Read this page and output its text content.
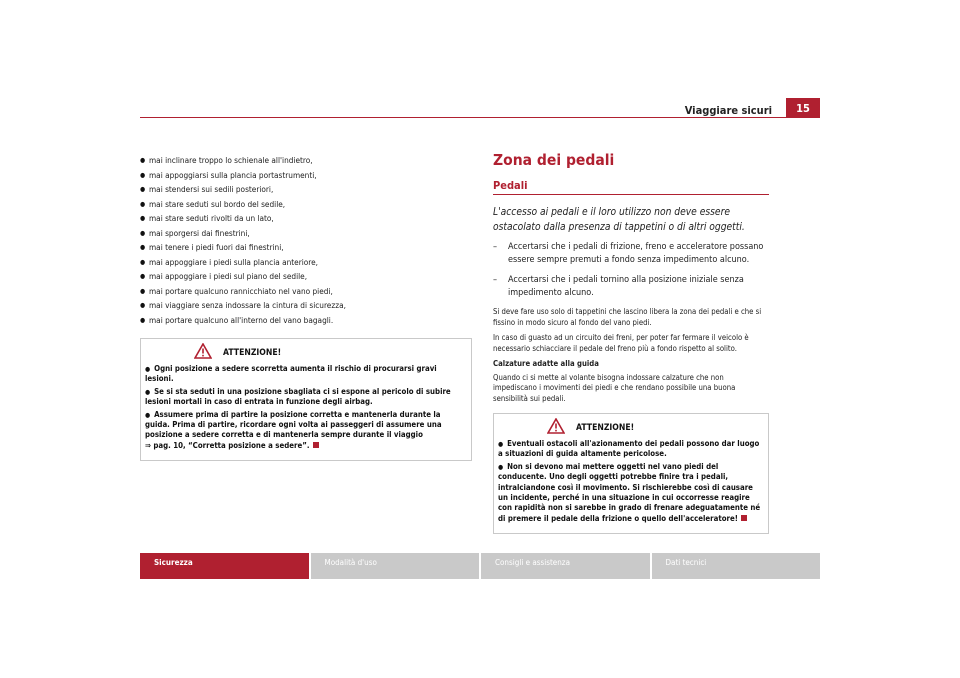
Viaggiare sicuri	15
● mai inclinare troppo lo schienale all'indietro,
● mai appoggiarsi sulla plancia portastrumenti,
● mai stendersi sui sedili posteriori,
● mai stare seduti sul bordo del sedile,
● mai stare seduti rivolti da un lato,
● mai sporgersi dai finestrini,
● mai tenere i piedi fuori dai finestrini,
● mai appoggiare i piedi sulla plancia anteriore,
● mai appoggiare i piedi sul piano del sedile,
● mai portare qualcuno rannicchiato nel vano piedi,
● mai viaggiare senza indossare la cintura di sicurezza,
● mai portare qualcuno all'interno del vano bagagli.
ATTENZIONE!
● Ogni posizione a sedere scorretta aumenta il rischio di procurarsi gravi lesioni.
● Se si sta seduti in una posizione sbagliata ci si espone al pericolo di subire lesioni mortali in caso di entrata in funzione degli airbag.
● Assumere prima di partire la posizione corretta e mantenerla durante la guida. Prima di partire, ricordare ogni volta ai passeggeri di assumere una posizione a sedere corretta e di mantenerla sempre durante il viaggio
⇒ pag. 10, “Corretta posizione a sedere”.
Zona dei pedali
Pedali

L'accesso ai pedali e il loro utilizzo non deve essere ostacolato dalla presenza di tappetini o di altri oggetti.

– Accertarsi che i pedali di frizione, freno e acceleratore possano essere sempre premuti a fondo senza impedimento alcuno.
– Accertarsi che i pedali tornino alla posizione iniziale senza impedimento alcuno.

Si deve fare uso solo di tappetini che lascino libera la zona dei pedali e che si fissino in modo sicuro al fondo del vano piedi.

In caso di guasto ad un circuito dei freni, per poter far fermare il veicolo è necessario schiacciare il pedale del freno più a fondo rispetto al solito.

Calzature adatte alla guida

Quando ci si mette al volante bisogna indossare calzature che non impediscano i movimenti dei piedi e che rendano possibile una buona sensibilità sui pedali.

ATTENZIONE!
● Eventuali ostacoli all'azionamento dei pedali possono dar luogo a situazioni di guida altamente pericolose.
● Non si devono mai mettere oggetti nel vano piedi del conducente. Uno degli oggetti potrebbe finire tra i pedali, intralciandone così il movimento. Si rischierebbe così di causare un incidente, perché in una situazione in cui occorresse reagire con rapidità non si sarebbe in grado di frenare adeguatamente né di premere il pedale della frizione o quello dell'acceleratore!
Sicurezza	Modalità d'uso	Consigli e assistenza	Dati tecnici
